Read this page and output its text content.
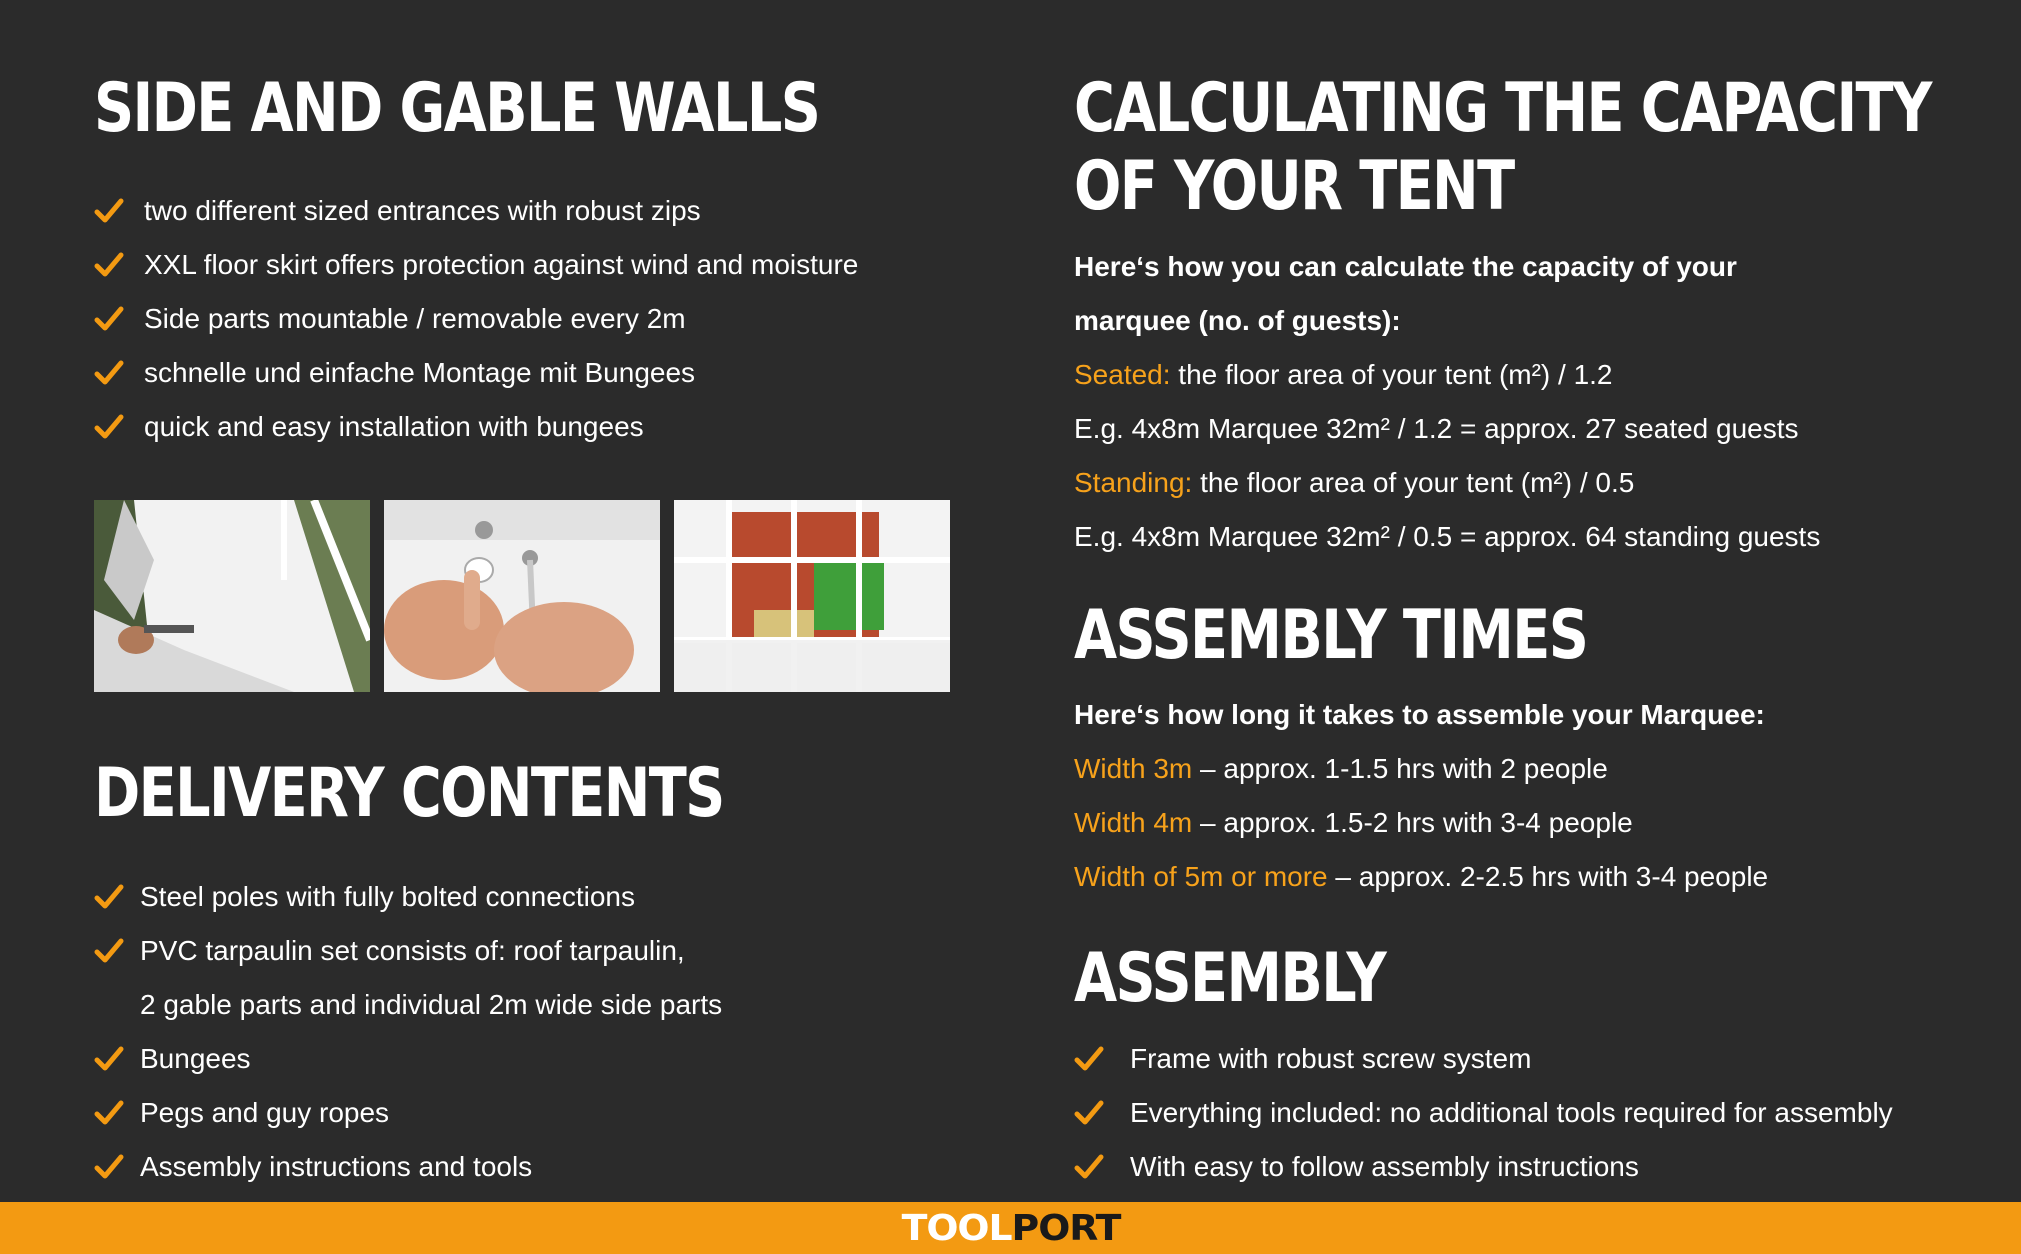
SIDE AND GABLE WALLS
two different sized entrances with robust zips
XXL floor skirt offers protection against wind and moisture
Side parts mountable / removable every 2m
schnelle und einfache Montage mit Bungees
quick and easy installation with bungees
DELIVERY CONTENTS
Steel poles with fully bolted connections
PVC tarpaulin set consists of: roof tarpaulin,
2 gable parts and individual 2m wide side parts
Bungees
Pegs and guy ropes
Assembly instructions and tools
CALCULATING THE CAPACITY
OF YOUR TENT
Here‘s how you can calculate the capacity of your
marquee (no. of guests):
Seated: the floor area of your tent (m²) / 1.2
E.g. 4x8m Marquee 32m² / 1.2 = approx. 27 seated guests
Standing: the floor area of your tent (m²) / 0.5
E.g. 4x8m Marquee 32m² / 0.5 = approx. 64 standing guests
ASSEMBLY TIMES
Here‘s how long it takes to assemble your Marquee:
Width 3m – approx. 1-1.5 hrs with 2 people
Width 4m – approx. 1.5-2 hrs with 3-4 people
Width of 5m or more – approx. 2-2.5 hrs with 3-4 people
ASSEMBLY
Frame with robust screw system
Everything included: no additional tools required for assembly
With easy to follow assembly instructions
TOOLPORT
